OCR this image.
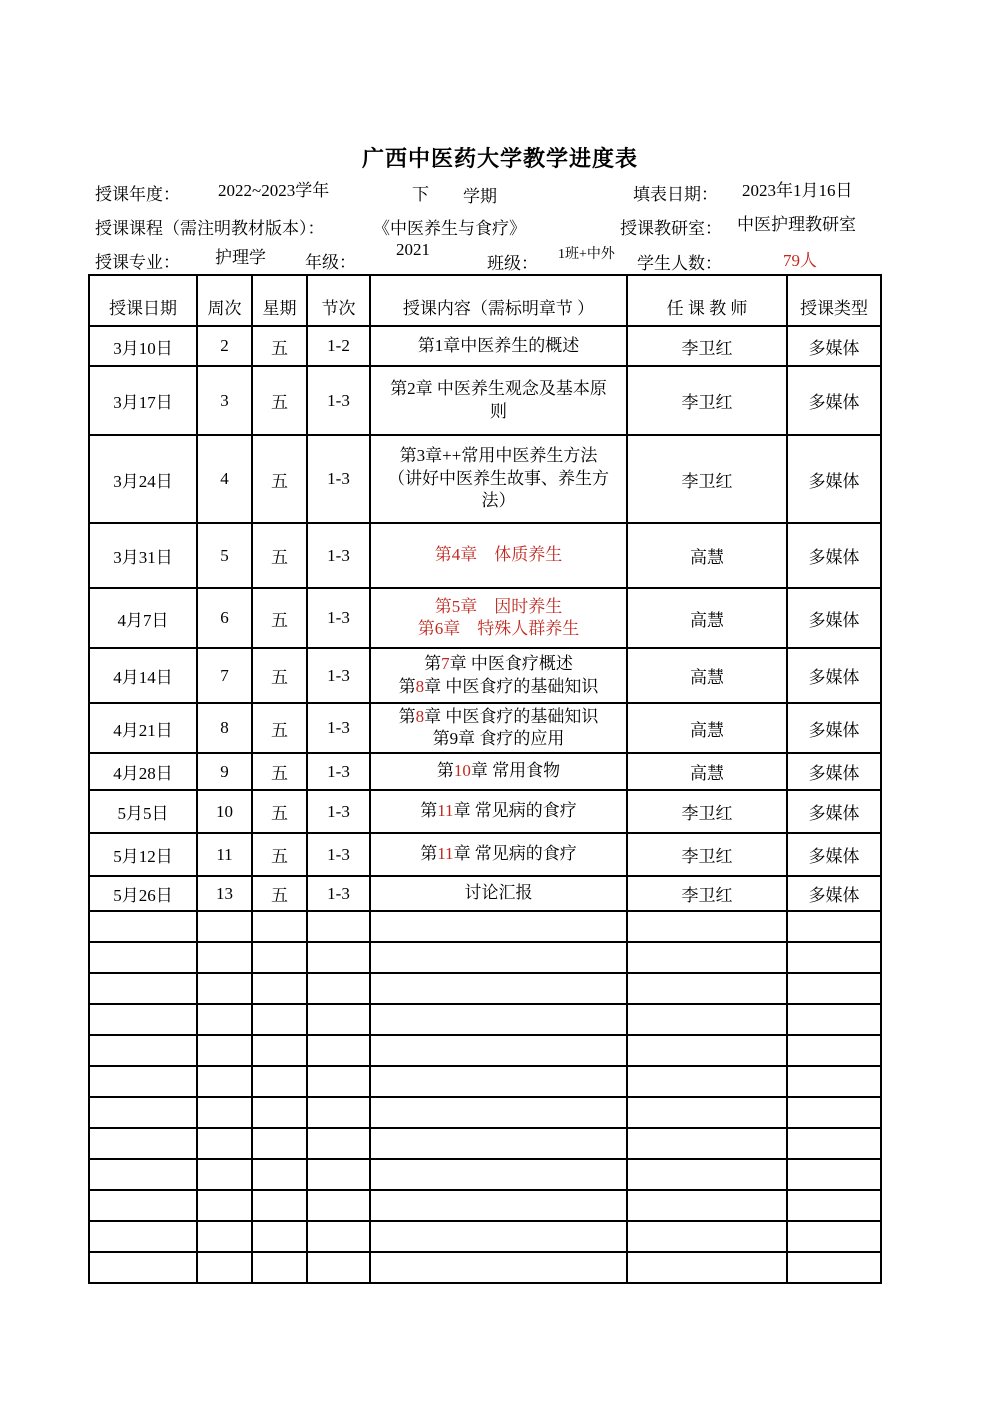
广西中医药大学教学进度表
授课年度： 2022~2023学年	下 学期	填表日期： 2023年1月16日
授课课程（需注明教材版本）：	《中医养生与食疗》	授课教研室： 中医护理教研室
授课专业： 护理学 年级：
2021
班级： 1班+中外 学生人数：	79人
授课日期	周次	星期	节次	授课内容（需标明章节 ）	任 课 教 师	授课类型
3月10日	2	五	1-2	第1章中医养生的概述	李卫红	多媒体
3月17日	3	五	1-3	第2章 中医养生观念及基本原
则	李卫红	多媒体
3月24日	4	五	1-3	第3章++常用中医养生方法
（讲好中医养生故事、养生方
法）	李卫红	多媒体
3月31日	5	五	1-3	第4章　体质养生	高慧	多媒体
4月7日	6	五	1-3	第5章　因时养生
第6章　特殊人群养生	高慧	多媒体
4月14日	7	五	1-3	第7章 中医食疗概述
第8章 中医食疗的基础知识	高慧	多媒体
4月21日	8	五	1-3	第8章 中医食疗的基础知识
第9章 食疗的应用	高慧	多媒体
4月28日	9	五	1-3	第10章 常用食物	高慧	多媒体
5月5日	10	五	1-3	第11章 常见病的食疗	李卫红	多媒体
5月12日	11	五	1-3	第11章 常见病的食疗	李卫红	多媒体
5月26日	13	五	1-3	讨论汇报	李卫红	多媒体
